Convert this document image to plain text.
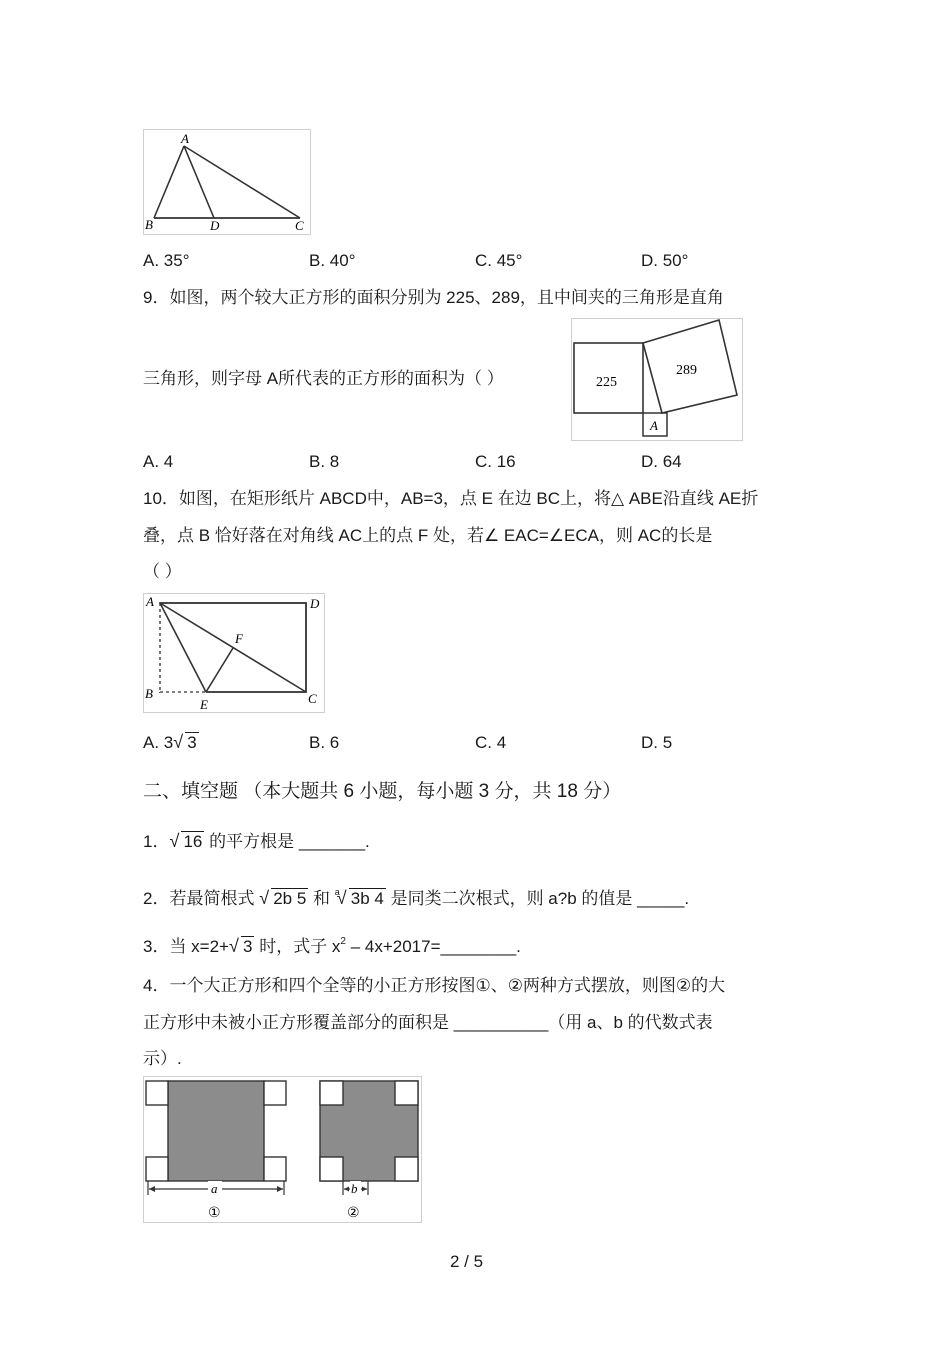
A
B	D	C
A. 35°	B. 40°	C. 45°	D. 50°
9．如图，两个较大正方形的面积分别为 225、289，且中间夹的三角形是直角
三角形，则字母 A所代表的正方形的面积为（ ）	225
289
A
A. 4	B. 8	C. 16	D. 64
10．如图，在矩形纸片 ABCD中，AB=3，点 E 在边 BC上，将△ ABE沿直线 AE折
叠，点 B 恰好落在对角线 AC上的点 F 处，若∠ EAC=∠ECA，则 AC的长是
（ ）
A	D
F
B
E	C
A. 3 √ 3	B. 6	C. 4	D. 5
二、填空题 （本大题共 6 小题，每小题 3 分，共 18 分）
1． √ 16 的平方根是 _______.
2．若最简根式 √ 2b 5 和 $^a$ √ 3b 4 是同类二次根式，则 a?b 的值是 _____.
3．当 x=2+ √ 3 时，式子 $x^2$ – 4x+2017=________.
4．一个大正方形和四个全等的小正方形按图①、②两种方式摆放，则图②的大
正方形中未被小正方形覆盖部分的面积是 __________（用 a、b 的代数式表
示）.
a
①
b
②
2 / 5
